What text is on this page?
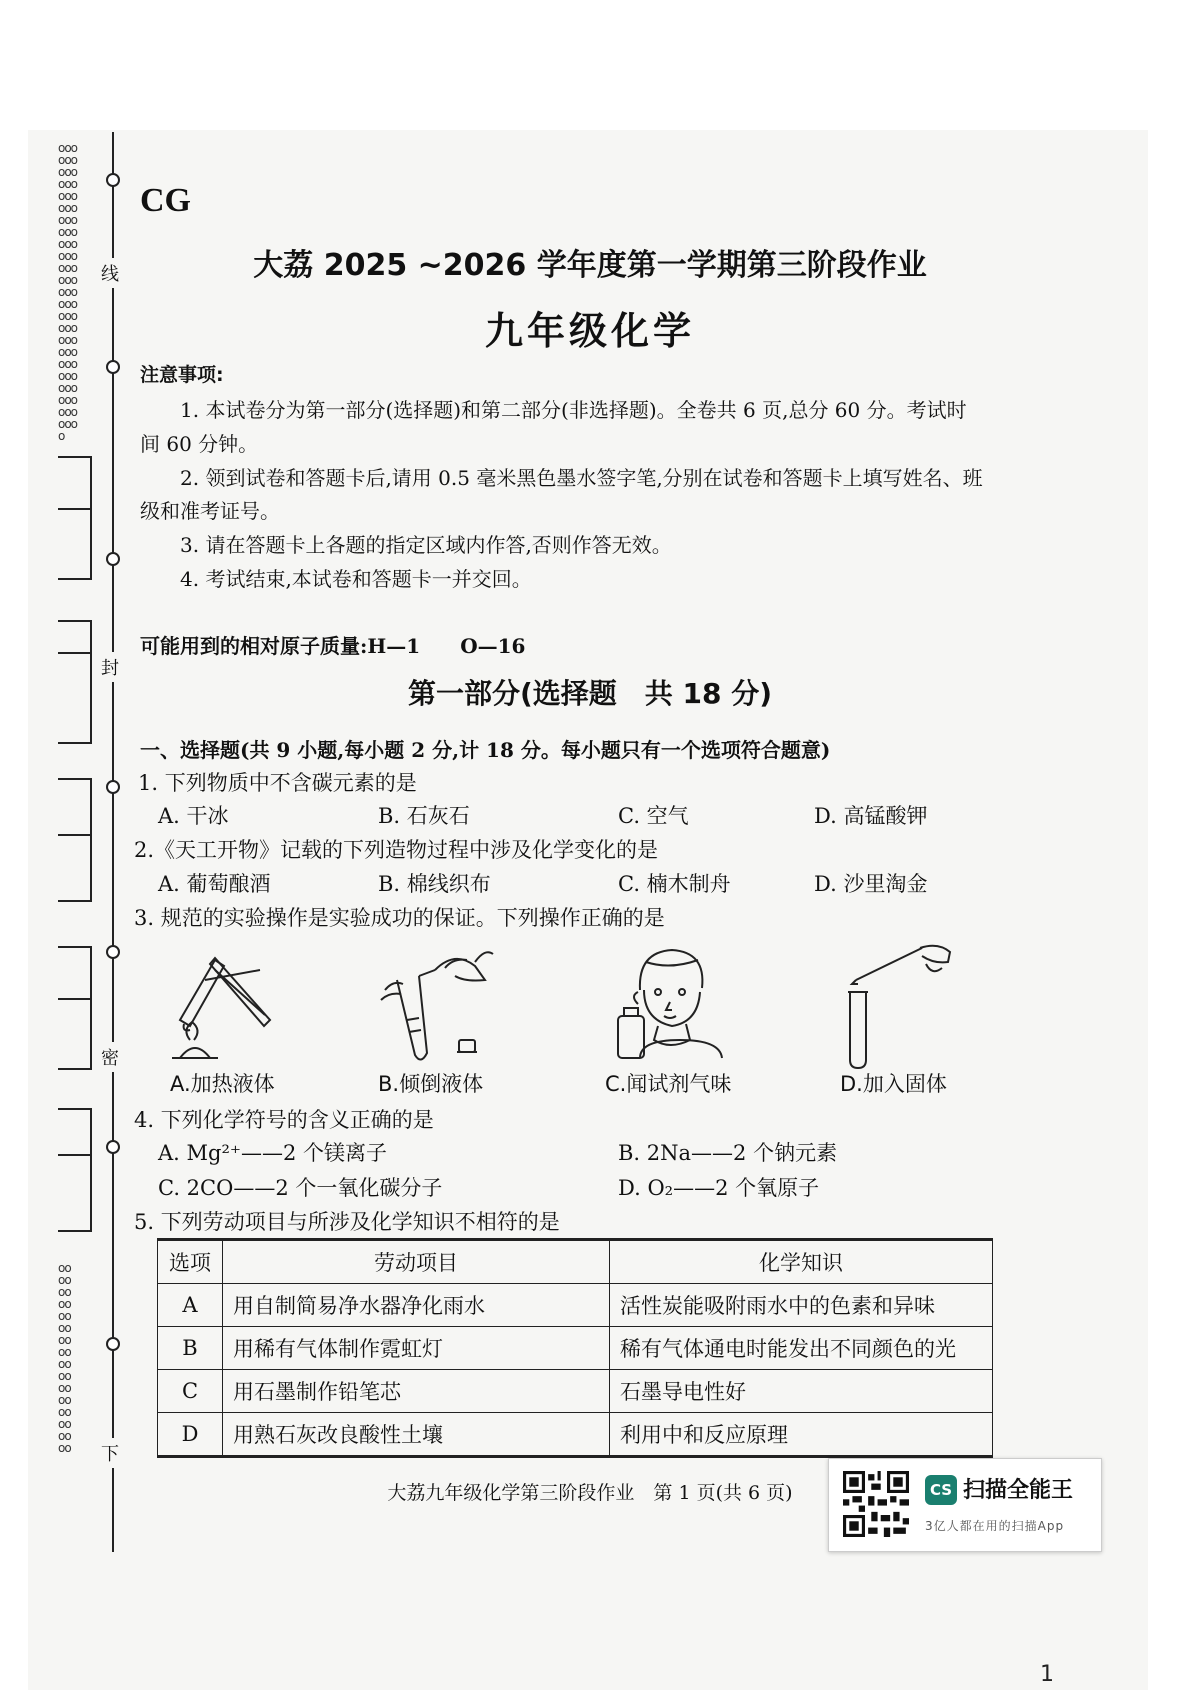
ooooooooooooooooooooooooooooooooooooooooooooooooooooooooooooooooooooooooo
oooooooooooooooooooooooooooooooo
线
封
密
下
CG
大荔 2025 ~2026 学年度第一学期第三阶段作业
九年级化学
注意事项:
1. 本试卷分为第一部分(选择题)和第二部分(非选择题)。全卷共 6 页,总分 60 分。考试时
间 60 分钟。
2. 领到试卷和答题卡后,请用 0.5 毫米黑色墨水签字笔,分别在试卷和答题卡上填写姓名、班
级和准考证号。
3. 请在答题卡上各题的指定区域内作答,否则作答无效。
4. 考试结束,本试卷和答题卡一并交回。
可能用到的相对原子质量:H—1　　O—16
第一部分(选择题　共 18 分)
一、选择题(共 9 小题,每小题 2 分,计 18 分。每小题只有一个选项符合题意)
1. 下列物质中不含碳元素的是
A. 干冰	B. 石灰石	C. 空气	D. 高锰酸钾
2.《天工开物》记载的下列造物过程中涉及化学变化的是
A. 葡萄酿酒	B. 棉线织布	C. 楠木制舟	D. 沙里淘金
3. 规范的实验操作是实验成功的保证。下列操作正确的是
A.加热液体	B.倾倒液体	C.闻试剂气味	D.加入固体
4. 下列化学符号的含义正确的是
A. Mg²⁺——2 个镁离子	B. 2Na——2 个钠元素
C. 2CO——2 个一氧化碳分子	D. O₂——2 个氧原子
5. 下列劳动项目与所涉及化学知识不相符的是
选项	劳动项目	化学知识
A	用自制简易净水器净化雨水	活性炭能吸附雨水中的色素和异味
B	用稀有气体制作霓虹灯	稀有气体通电时能发出不同颜色的光
C	用石墨制作铅笔芯	石墨导电性好
D	用熟石灰改良酸性土壤	利用中和反应原理
大荔九年级化学第三阶段作业　第 1 页(共 6 页)	CS 扫描全能王
3亿人都在用的扫描App
1
